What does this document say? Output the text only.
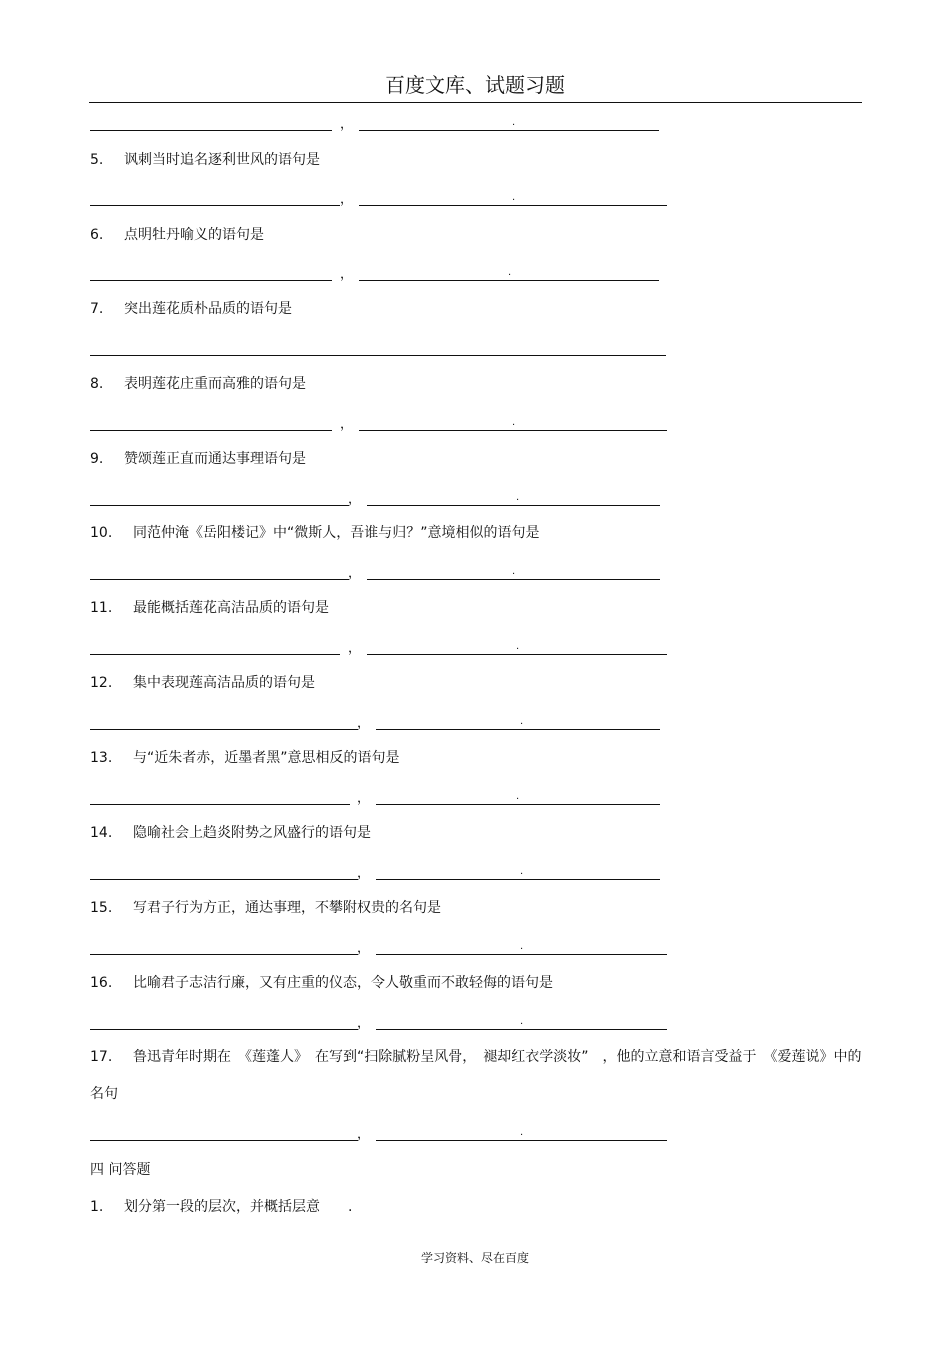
百度文库、试题习题
，	.
5. 讽刺当时追名逐利世风的语句是
，	.
6. 点明牡丹喻义的语句是
，	.
7. 突出莲花质朴品质的语句是
8. 表明莲花庄重而高雅的语句是
，	.
9. 赞颂莲正直而通达事理语句是
，	.
10. 同范仲淹《岳阳楼记》中“微斯人，吾谁与归？”意境相似的语句是
，	.
11. 最能概括莲花高洁品质的语句是
，	.
12. 集中表现莲高洁品质的语句是
，	.
13. 与“近朱者赤，近墨者黑”意思相反的语句是
，	.
14. 隐喻社会上趋炎附势之风盛行的语句是
，	.
15. 写君子行为方正，通达事理，不攀附权贵的名句是
，	.
16. 比喻君子志洁行廉，又有庄重的仪态，令人敬重而不敢轻侮的语句是
，	.
17. 鲁迅青年时期在　《莲蓬人》　在写到“扫除腻粉呈风骨，　褪却红衣学淡妆”　，他的立意和语言受益于　《爱莲说》中的名句
，	.
四 问答题
1. 划分第一段的层次，并概括层意　　.
学习资料、尽在百度
